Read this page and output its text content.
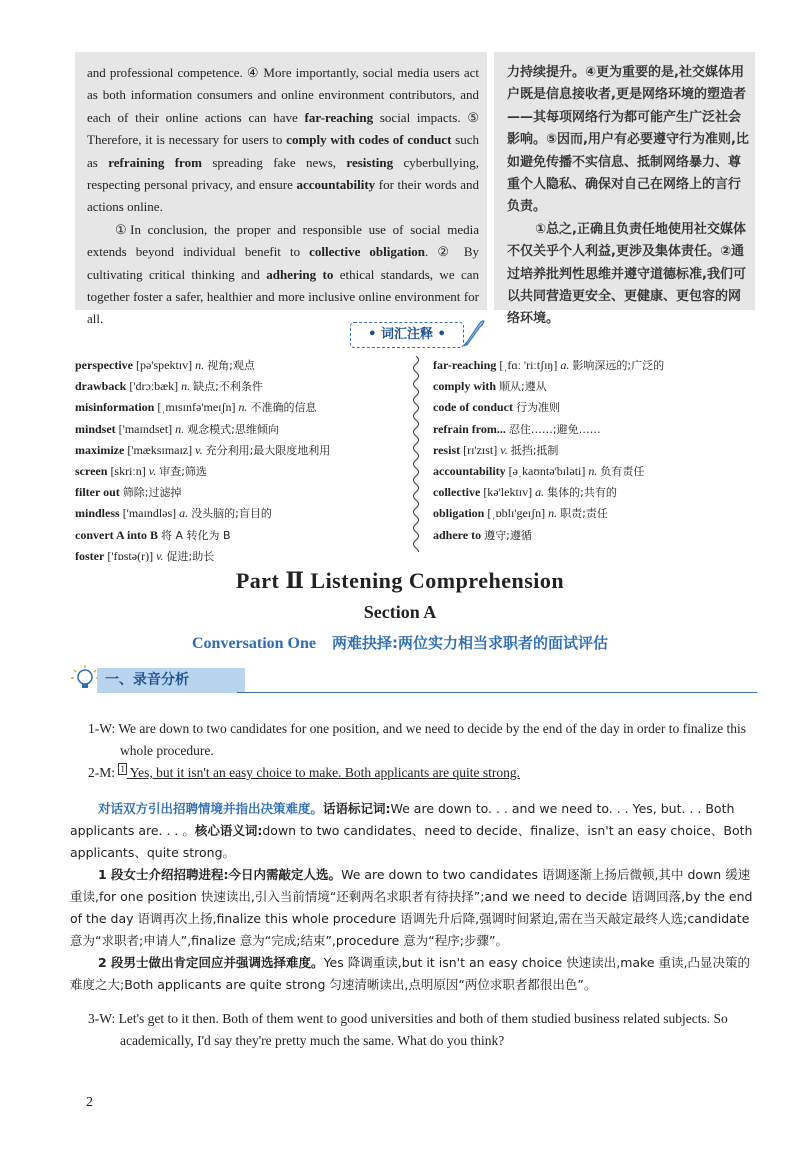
and professional competence. ④ More importantly, social media users act as both information consumers and online environment contributors, and each of their online actions can have far-reaching social impacts. ⑤ Therefore, it is necessary for users to comply with codes of conduct such as refraining from spreading fake news, resisting cyberbullying, respecting personal privacy, and ensure accountability for their words and actions online.

①In conclusion, the proper and responsible use of social media extends beyond individual benefit to collective obligation. ② By cultivating critical thinking and adhering to ethical standards, we can together foster a safer, healthier and more inclusive online environment for all.

力持续提升。④更为重要的是,社交媒体用户既是信息接收者,更是网络环境的塑造者——其每项网络行为都可能产生广泛社会影响。⑤因而,用户有必要遵守行为准则,比如避免传播不实信息、抵制网络暴力、尊重个人隐私、确保对自己在网络上的言行负责。

①总之,正确且负责任地使用社交媒体不仅关乎个人利益,更涉及集体责任。②通过培养批判性思维并遵守道德标准,我们可以共同营造更安全、更健康、更包容的网络环境。

• 词汇注释 •
perspective [pə'spektɪv] n. 视角;观点
drawback ['drɔːbæk] n. 缺点;不利条件
misinformation [ˌmɪsɪnfə'meɪʃn] n. 不准确的信息
mindset ['maɪndset] n. 观念模式;思维倾向
maximize ['mæksɪmaɪz] v. 充分利用;最大限度地利用
screen [skriːn] v. 审查;筛选
filter out 筛除;过滤掉
mindless ['maɪndləs] a. 没头脑的;盲目的
convert A into B 将 A 转化为 B
foster ['fɒstə(r)] v. 促进;助长
far-reaching [ˌfɑː 'riːtʃɪŋ] a. 影响深远的;广泛的
comply with 顺从;遵从
code of conduct 行为准则
refrain from... 忍住……;避免……
resist [rɪ'zɪst] v. 抵挡;抵制
accountability [əˌkaʊntə'bɪləti] n. 负有责任
collective [kə'lektɪv] a. 集体的;共有的
obligation [ˌɒblɪ'geɪʃn] n. 职责;责任
adhere to 遵守;遵循
Part Ⅱ Listening Comprehension
Section A
Conversation One 两难抉择:两位实力相当求职者的面试评估
一、录音分析

1-W: We are down to two candidates for one position, and we need to decide by the end of the day in order to finalize this whole procedure.

2-M: 1 Yes, but it isn't an easy choice to make. Both applicants are quite strong.

对话双方引出招聘情境并指出决策难度。话语标记词:We are down to. . . and we need to. . . Yes, but. . . Both applicants are. . . 。核心语义词:down to two candidates、need to decide、finalize、isn't an easy choice、Both applicants、quite strong。

1 段女士介绍招聘进程:今日内需敲定人选。We are down to two candidates 语调逐渐上扬后微顿,其中 down 缓速重读,for one position 快速读出,引入当前情境“还剩两名求职者有待抉择”;and we need to decide 语调回落,by the end of the day 语调再次上扬,finalize this whole procedure 语调先升后降,强调时间紧迫,需在当天敲定最终人选;candidate 意为“求职者;申请人”,finalize 意为“完成;结束”,procedure 意为“程序;步骤”。

2 段男士做出肯定回应并强调选择难度。Yes 降调重读,but it isn't an easy choice 快速读出,make 重读,凸显决策的难度之大;Both applicants are quite strong 匀速清晰读出,点明原因“两位求职者都很出色”。

3-W: Let's get to it then. Both of them went to good universities and both of them studied business related subjects. So academically, I'd say they're pretty much the same. What do you think?

2
